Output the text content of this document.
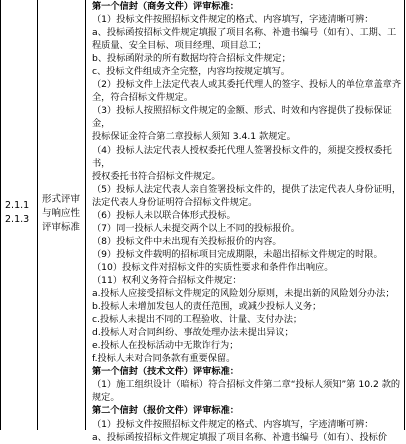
2.1.1
2.1.3
形式评审与响应性评审标准

第一个信封（商务文件）评审标准：

（1）投标文件按照招标文件规定的格式、内容填写，字迹清晰可辨：

a、投标函按招标文件规定填报了项目名称、补遗书编号（如有）、工期、工

程质量、安全目标、项目经理、项目总工；

b、投标函附录的所有数据均符合招标文件规定；

c、投标文件组成齐全完整，内容均按规定填写。

（2）投标文件上法定代表人或其委托代理人的签字、投标人的单位章盖章齐

全，符合招标文件规定。

（3）投标人按照招标文件规定的金额、形式、时效和内容提供了投标保证金，

投标保证金符合第二章投标人须知 3.4.1 款规定。

（4）投标人法定代表人授权委托代理人签署投标文件的，须提交授权委托书，

授权委托书符合招标文件规定。

（5）投标人法定代表人亲自签署投标文件的，提供了法定代表人身份证明，

法定代表人身份证明符合招标文件规定。

（6）投标人未以联合体形式投标。

（7）同一投标人未提交两个以上不同的投标报价。

（8）投标文件中未出现有关投标报价的内容。

（9）投标文件载明的招标项目完成期限，未超出招标文件规定的时限。

（10）投标文件对招标文件的实质性要求和条件作出响应。

（11）权利义务符合招标文件规定：

a.投标人应接受招标文件规定的风险划分原则，未提出新的风险划分办法；

b.投标人未增加发包人的责任范围，或减少投标人义务；

c.投标人未提出不同的工程验收、计量、支付办法；

d.投标人对合同纠纷、事故处理办法未提出异议；

e.投标人在投标活动中无欺诈行为；

f.投标人未对合同条款有重要保留。

第一个信封（技术文件）评审标准：

（1）施工组织设计（暗标）符合招标文件第二章“投标人须知”第 10.2 款的

规定。

第二个信封（报价文件）评审标准：

（1）投标文件按照招标文件规定的格式、内容填写，字迹清晰可辨：

a、投标函按招标文件规定填报了项目名称、补遗书编号（如有）、投标价
